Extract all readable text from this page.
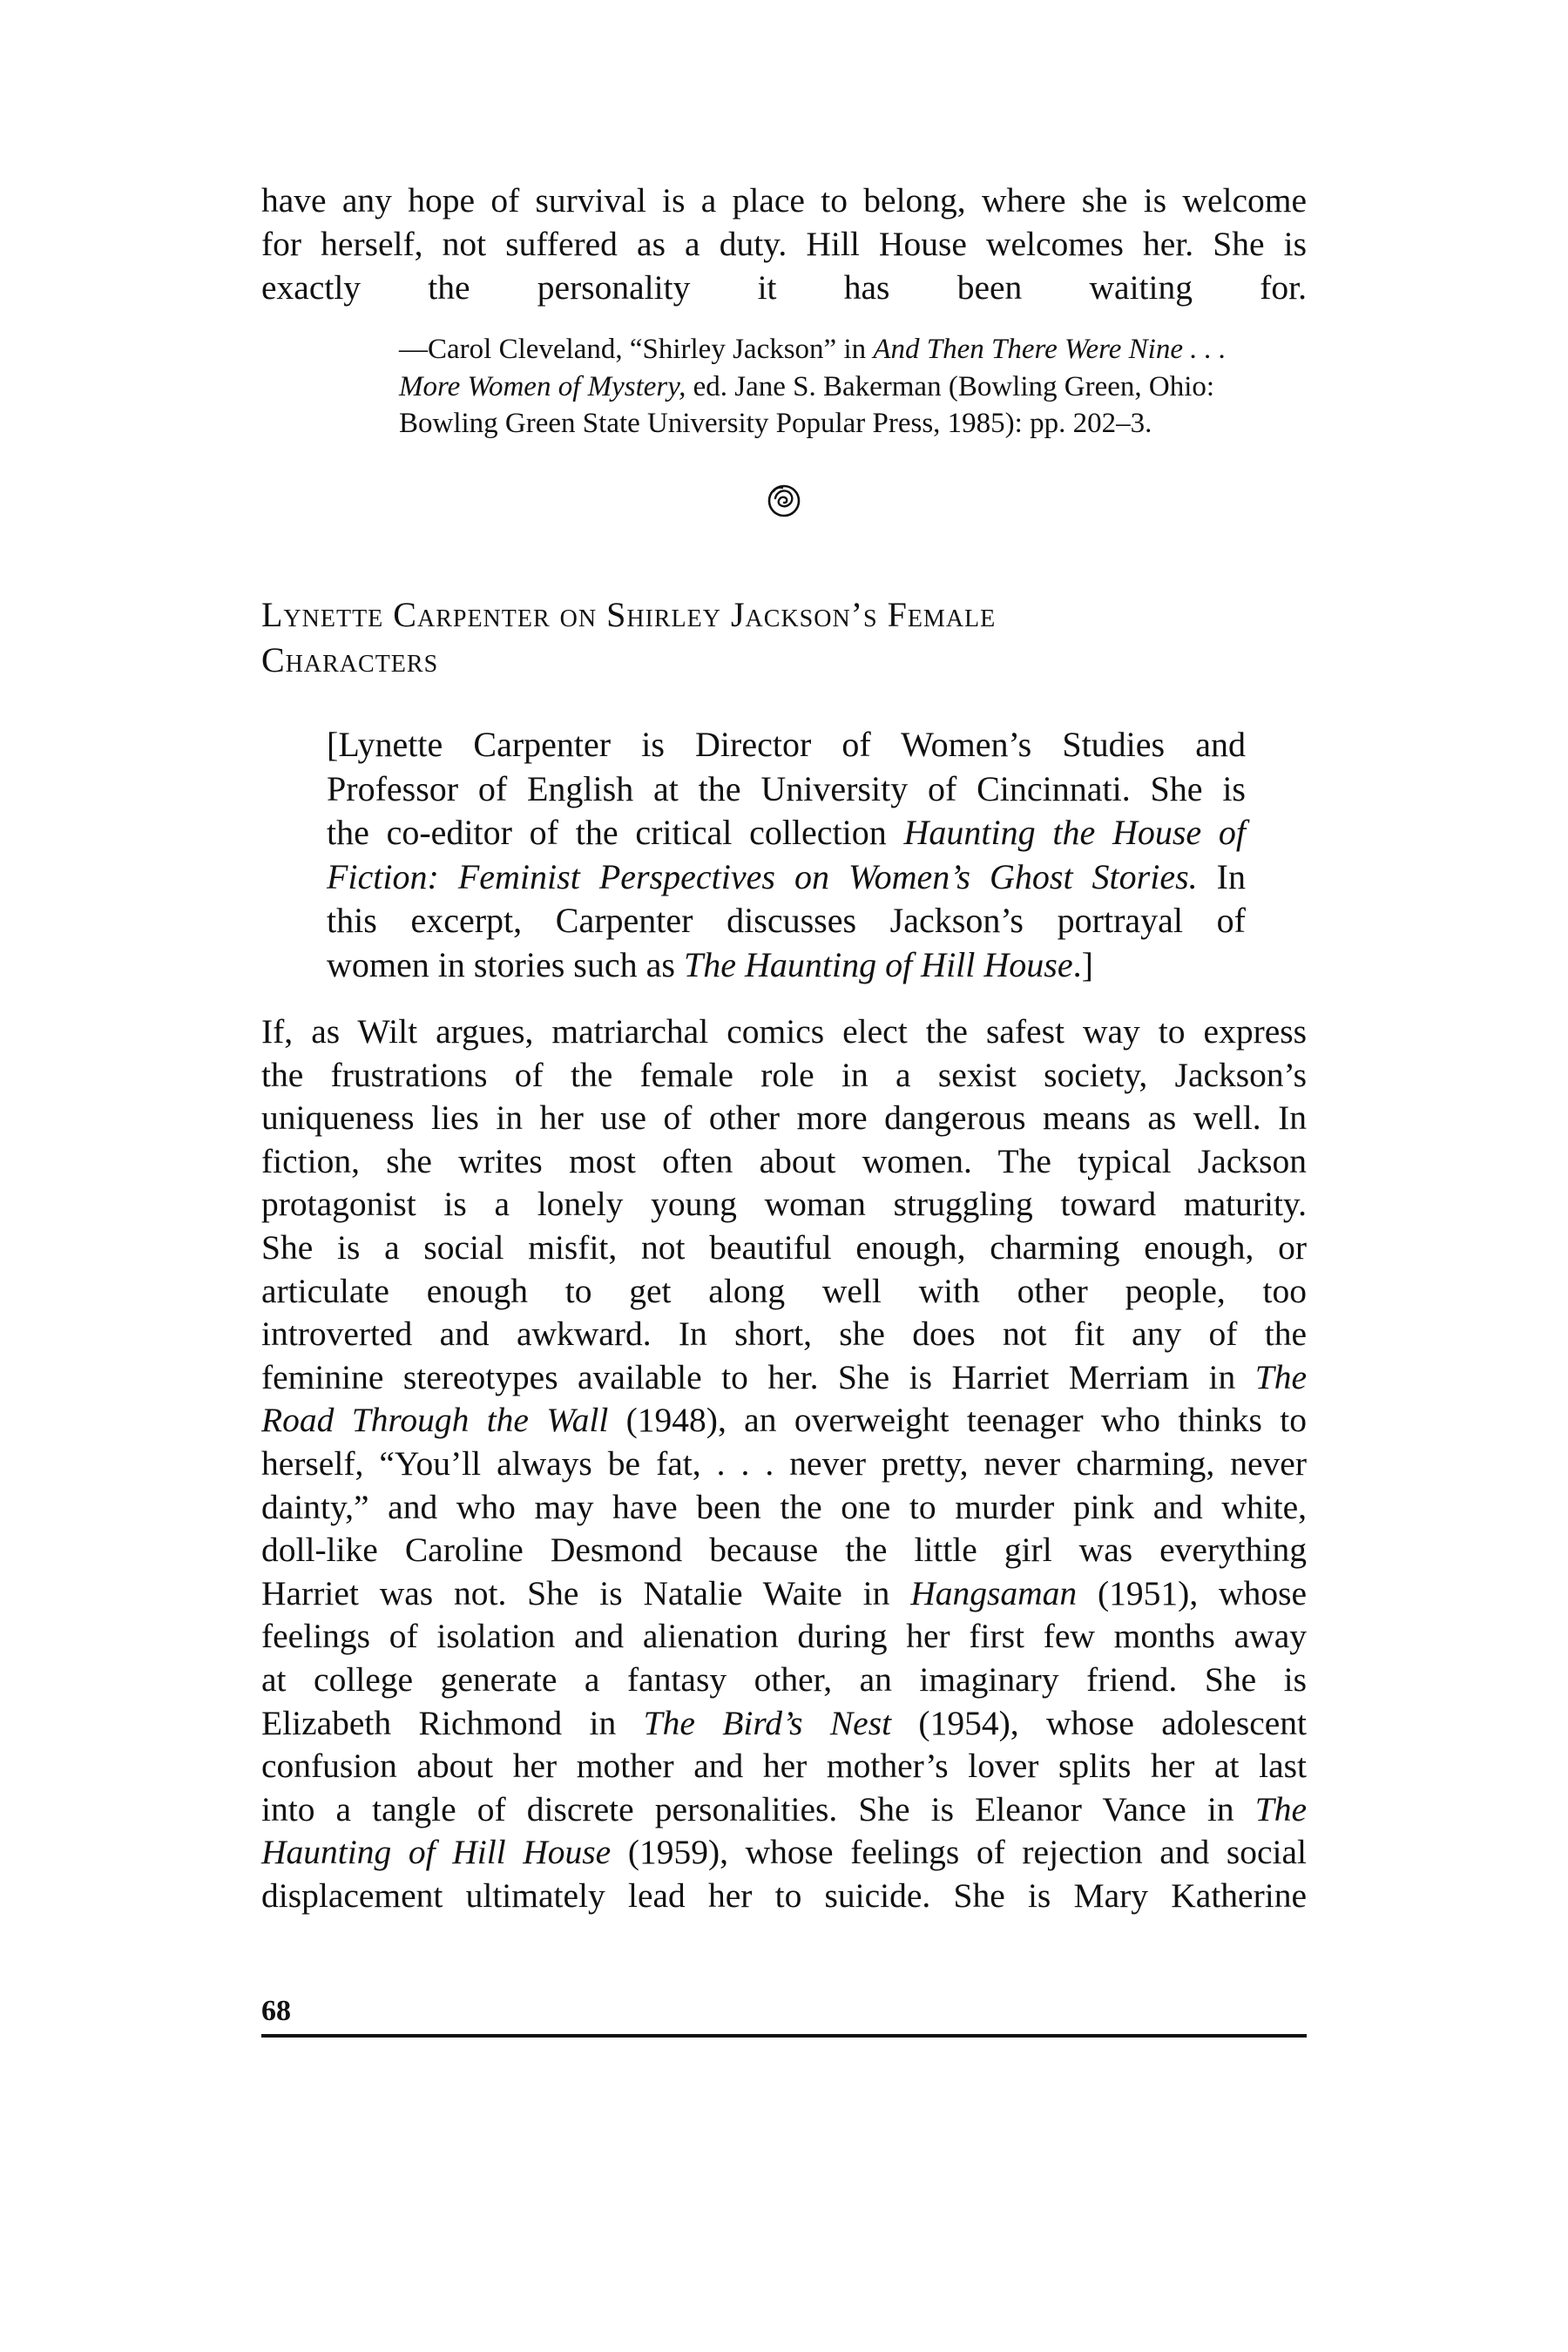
have any hope of survival is a place to belong, where she is welcome
for herself, not suffered as a duty. Hill House welcomes her. She is
exactly the personality it has been waiting for.
—Carol Cleveland, “Shirley Jackson” in And Then There Were Nine . . .
More Women of Mystery, ed. Jane S. Bakerman (Bowling Green, Ohio:
Bowling Green State University Popular Press, 1985): pp. 202–3.
Lynette Carpenter on Shirley Jackson’s Female
Characters
[Lynette Carpenter is Director of Women’s Studies and
Professor of English at the University of Cincinnati. She is
the co-editor of the critical collection Haunting the House of
Fiction: Feminist Perspectives on Women’s Ghost Stories. In
this excerpt, Carpenter discusses Jackson’s portrayal of
women in stories such as The Haunting of Hill House.]
If, as Wilt argues, matriarchal comics elect the safest way to express
the frustrations of the female role in a sexist society, Jackson’s
uniqueness lies in her use of other more dangerous means as well. In
fiction, she writes most often about women. The typical Jackson
protagonist is a lonely young woman struggling toward maturity.
She is a social misfit, not beautiful enough, charming enough, or
articulate enough to get along well with other people, too
introverted and awkward. In short, she does not fit any of the
feminine stereotypes available to her. She is Harriet Merriam in The
Road Through the Wall (1948), an overweight teenager who thinks to
herself, “You’ll always be fat, . . . never pretty, never charming, never
dainty,” and who may have been the one to murder pink and white,
doll-like Caroline Desmond because the little girl was everything
Harriet was not. She is Natalie Waite in Hangsaman (1951), whose
feelings of isolation and alienation during her first few months away
at college generate a fantasy other, an imaginary friend. She is
Elizabeth Richmond in The Bird’s Nest (1954), whose adolescent
confusion about her mother and her mother’s lover splits her at last
into a tangle of discrete personalities. She is Eleanor Vance in The
Haunting of Hill House (1959), whose feelings of rejection and social
displacement ultimately lead her to suicide. She is Mary Katherine
68
